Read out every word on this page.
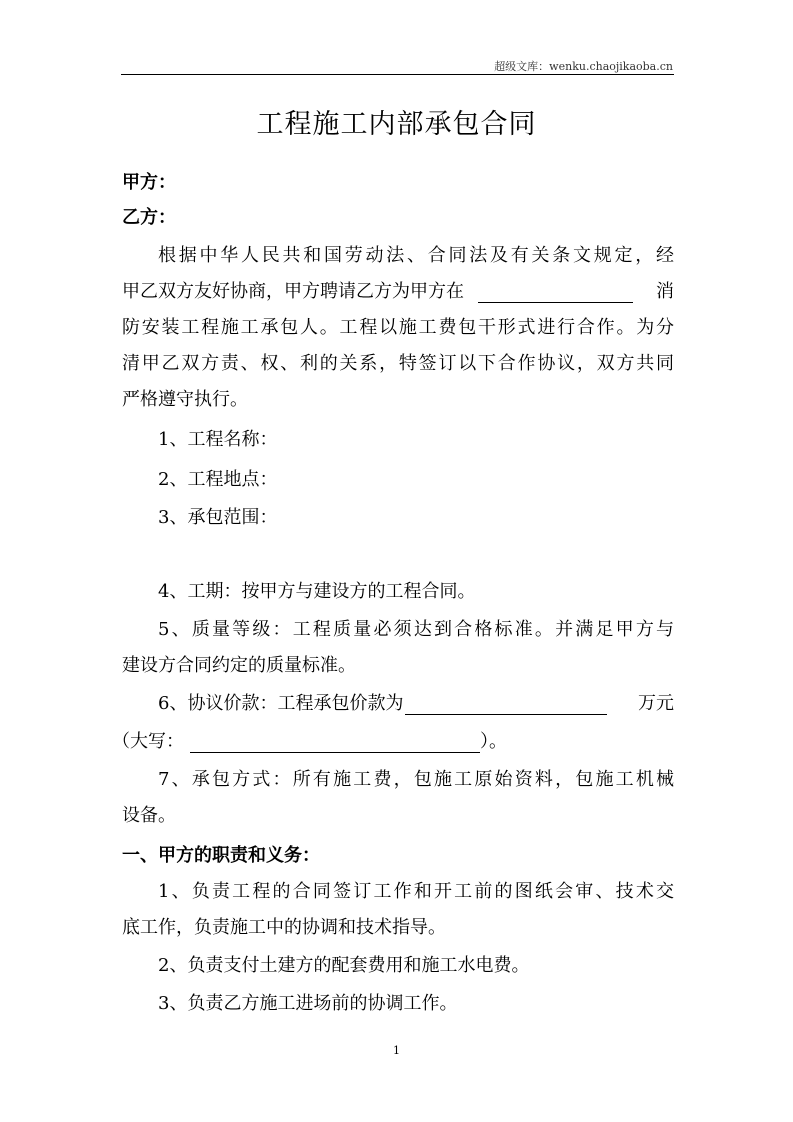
超级文库：wenku.chaojikaoba.cn
工程施工内部承包合同
甲方：
乙方：
根据中华人民共和国劳动法、合同法及有关条文规定，经
甲乙双方友好协商，甲方聘请乙方为甲方在	消
防安装工程施工承包人。工程以施工费包干形式进行合作。为分
清甲乙双方责、权、利的关系，特签订以下合作协议，双方共同
严格遵守执行。
1、工程名称：
2、工程地点：
3、承包范围：
4、工期：按甲方与建设方的工程合同。
5、质量等级：工程质量必须达到合格标准。并满足甲方与
建设方合同约定的质量标准。
6、协议价款：工程承包价款为	万元
（大写：	）。
7、承包方式：所有施工费，包施工原始资料，包施工机械
设备。
一、甲方的职责和义务：
1、负责工程的合同签订工作和开工前的图纸会审、技术交
底工作，负责施工中的协调和技术指导。
2、负责支付土建方的配套费用和施工水电费。
3、负责乙方施工进场前的协调工作。
1
